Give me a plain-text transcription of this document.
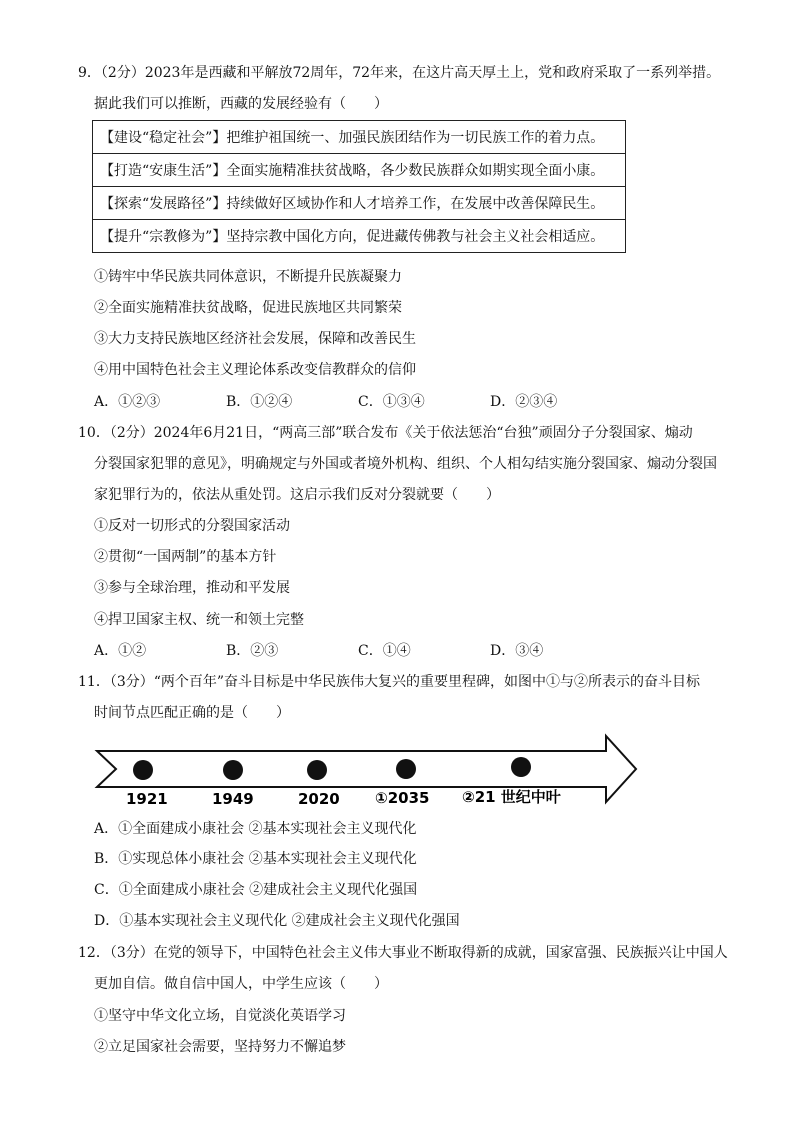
9．（2分）2023年是西藏和平解放72周年，72年来，在这片高天厚土上，党和政府采取了一系列举措。
据此我们可以推断，西藏的发展经验有（　　）
【建设“稳定社会”】把维护祖国统一、加强民族团结作为一切民族工作的着力点。
【打造“安康生活”】全面实施精准扶贫战略，各少数民族群众如期实现全面小康。
【探索“发展路径”】持续做好区域协作和人才培养工作，在发展中改善保障民生。
【提升“宗教修为”】坚持宗教中国化方向，促进藏传佛教与社会主义社会相适应。
①铸牢中华民族共同体意识，不断提升民族凝聚力
②全面实施精准扶贫战略，促进民族地区共同繁荣
③大力支持民族地区经济社会发展，保障和改善民生
④用中国特色社会主义理论体系改变信教群众的信仰
A．①②③	B．①②④	C．①③④	D．②③④
10．（2分）2024年6月21日，“两高三部”联合发布《关于依法惩治“台独”顽固分子分裂国家、煽动
分裂国家犯罪的意见》，明确规定与外国或者境外机构、组织、个人相勾结实施分裂国家、煽动分裂国
家犯罪行为的，依法从重处罚。这启示我们反对分裂就要（　　）
①反对一切形式的分裂国家活动
②贯彻“一国两制”的基本方针
③参与全球治理，推动和平发展
④捍卫国家主权、统一和领土完整
A．①②	B．②③	C．①④	D．③④
11．（3分）“两个百年”奋斗目标是中华民族伟大复兴的重要里程碑，如图中①与②所表示的奋斗目标
时间节点匹配正确的是（　　）
1921	1949	2020 ①2035 ②21 世纪中叶
A．①全面建成小康社会 ②基本实现社会主义现代化
B．①实现总体小康社会 ②基本实现社会主义现代化
C．①全面建成小康社会 ②建成社会主义现代化强国
D．①基本实现社会主义现代化 ②建成社会主义现代化强国
12．（3分）在党的领导下，中国特色社会主义伟大事业不断取得新的成就，国家富强、民族振兴让中国人
更加自信。做自信中国人，中学生应该（　　）
①坚守中华文化立场，自觉淡化英语学习
②立足国家社会需要，坚持努力不懈追梦
